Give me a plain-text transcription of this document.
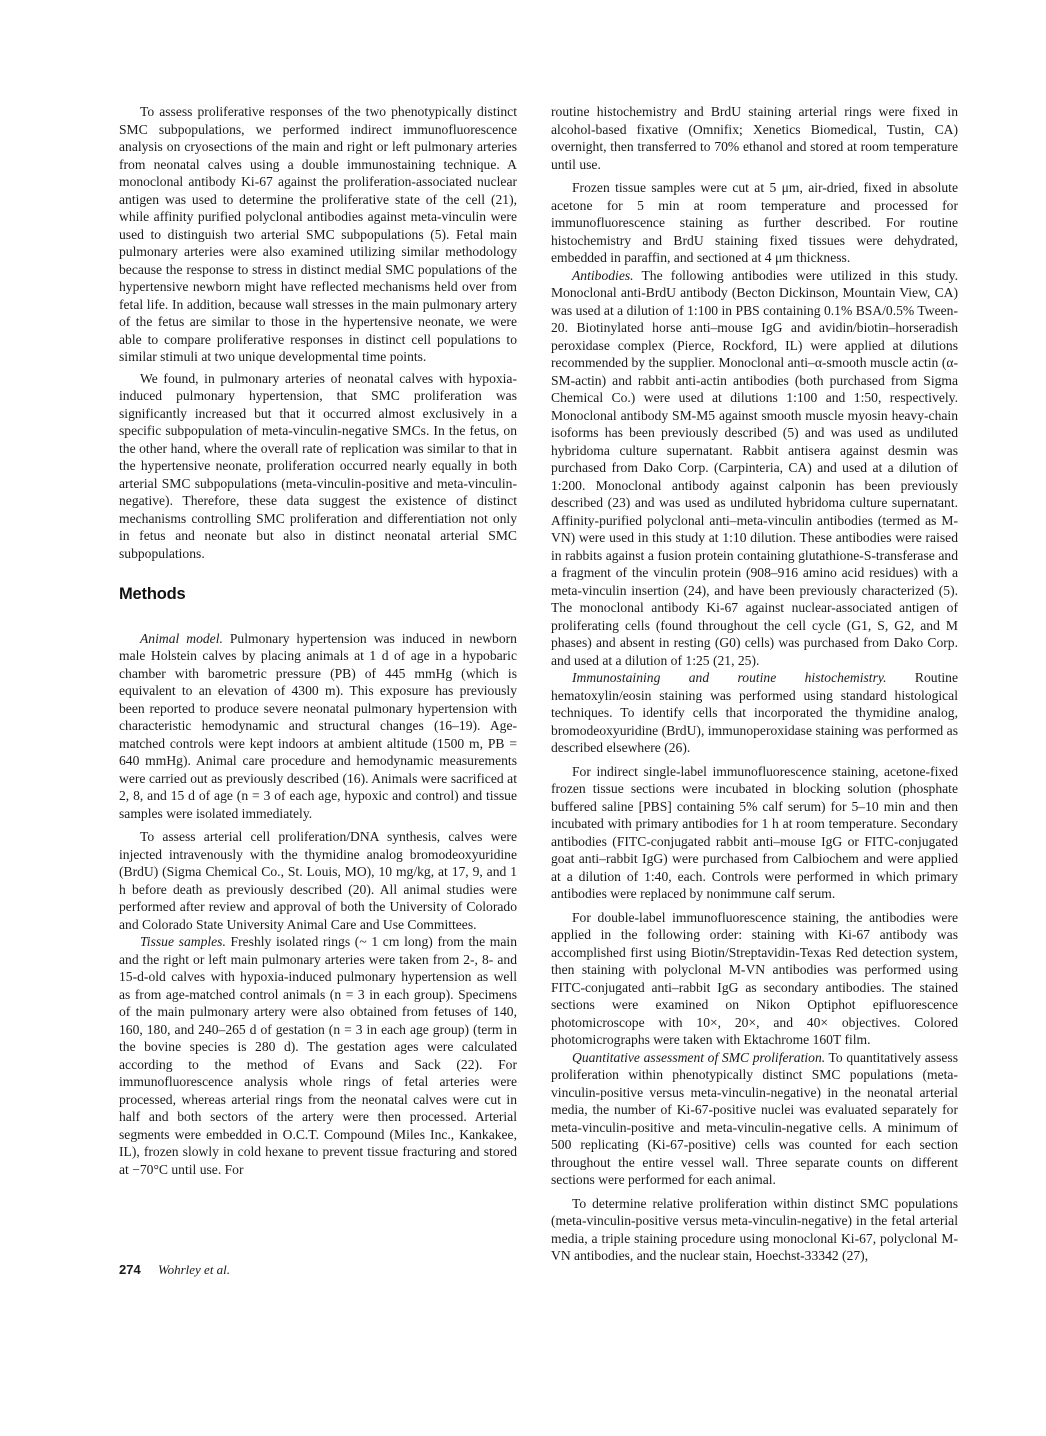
To assess proliferative responses of the two phenotypically distinct SMC subpopulations, we performed indirect immunofluorescence analysis on cryosections of the main and right or left pulmonary arteries from neonatal calves using a double immunostaining technique. A monoclonal antibody Ki-67 against the proliferation-associated nuclear antigen was used to determine the proliferative state of the cell (21), while affinity purified polyclonal antibodies against meta-vinculin were used to distinguish two arterial SMC subpopulations (5). Fetal main pulmonary arteries were also examined utilizing similar methodology because the response to stress in distinct medial SMC populations of the hypertensive newborn might have reflected mechanisms held over from fetal life. In addition, because wall stresses in the main pulmonary artery of the fetus are similar to those in the hypertensive neonate, we were able to compare proliferative responses in distinct cell populations to similar stimuli at two unique developmental time points.

We found, in pulmonary arteries of neonatal calves with hypoxia-induced pulmonary hypertension, that SMC proliferation was significantly increased but that it occurred almost exclusively in a specific subpopulation of meta-vinculin-negative SMCs. In the fetus, on the other hand, where the overall rate of replication was similar to that in the hypertensive neonate, proliferation occurred nearly equally in both arterial SMC subpopulations (meta-vinculin-positive and meta-vinculin-negative). Therefore, these data suggest the existence of distinct mechanisms controlling SMC proliferation and differentiation not only in fetus and neonate but also in distinct neonatal arterial SMC subpopulations.

Methods

Animal model. Pulmonary hypertension was induced in newborn male Holstein calves by placing animals at 1 d of age in a hypobaric chamber with barometric pressure (PB) of 445 mmHg (which is equivalent to an elevation of 4300 m). This exposure has previously been reported to produce severe neonatal pulmonary hypertension with characteristic hemodynamic and structural changes (16–19). Age-matched controls were kept indoors at ambient altitude (1500 m, PB = 640 mmHg). Animal care procedure and hemodynamic measurements were carried out as previously described (16). Animals were sacrificed at 2, 8, and 15 d of age (n = 3 of each age, hypoxic and control) and tissue samples were isolated immediately.

To assess arterial cell proliferation/DNA synthesis, calves were injected intravenously with the thymidine analog bromodeoxyuridine (BrdU) (Sigma Chemical Co., St. Louis, MO), 10 mg/kg, at 17, 9, and 1 h before death as previously described (20). All animal studies were performed after review and approval of both the University of Colorado and Colorado State University Animal Care and Use Committees.

Tissue samples. Freshly isolated rings (~ 1 cm long) from the main and the right or left main pulmonary arteries were taken from 2-, 8- and 15-d-old calves with hypoxia-induced pulmonary hypertension as well as from age-matched control animals (n = 3 in each group). Specimens of the main pulmonary artery were also obtained from fetuses of 140, 160, 180, and 240–265 d of gestation (n = 3 in each age group) (term in the bovine species is 280 d). The gestation ages were calculated according to the method of Evans and Sack (22). For immunofluorescence analysis whole rings of fetal arteries were processed, whereas arterial rings from the neonatal calves were cut in half and both sectors of the artery were then processed. Arterial segments were embedded in O.C.T. Compound (Miles Inc., Kankakee, IL), frozen slowly in cold hexane to prevent tissue fracturing and stored at −70°C until use. For

routine histochemistry and BrdU staining arterial rings were fixed in alcohol-based fixative (Omnifix; Xenetics Biomedical, Tustin, CA) overnight, then transferred to 70% ethanol and stored at room temperature until use.

Frozen tissue samples were cut at 5 μm, air-dried, fixed in absolute acetone for 5 min at room temperature and processed for immunofluorescence staining as further described. For routine histochemistry and BrdU staining fixed tissues were dehydrated, embedded in paraffin, and sectioned at 4 μm thickness.

Antibodies. The following antibodies were utilized in this study. Monoclonal anti-BrdU antibody (Becton Dickinson, Mountain View, CA) was used at a dilution of 1:100 in PBS containing 0.1% BSA/0.5% Tween-20. Biotinylated horse anti–mouse IgG and avidin/biotin–horseradish peroxidase complex (Pierce, Rockford, IL) were applied at dilutions recommended by the supplier. Monoclonal anti–α-smooth muscle actin (α-SM-actin) and rabbit anti-actin antibodies (both purchased from Sigma Chemical Co.) were used at dilutions 1:100 and 1:50, respectively. Monoclonal antibody SM-M5 against smooth muscle myosin heavy-chain isoforms has been previously described (5) and was used as undiluted hybridoma culture supernatant. Rabbit antisera against desmin was purchased from Dako Corp. (Carpinteria, CA) and used at a dilution of 1:200. Monoclonal antibody against calponin has been previously described (23) and was used as undiluted hybridoma culture supernatant. Affinity-purified polyclonal anti–meta-vinculin antibodies (termed as M-VN) were used in this study at 1:10 dilution. These antibodies were raised in rabbits against a fusion protein containing glutathione-S-transferase and a fragment of the vinculin protein (908–916 amino acid residues) with a meta-vinculin insertion (24), and have been previously characterized (5). The monoclonal antibody Ki-67 against nuclear-associated antigen of proliferating cells (found throughout the cell cycle (G1, S, G2, and M phases) and absent in resting (G0) cells) was purchased from Dako Corp. and used at a dilution of 1:25 (21, 25).

Immunostaining and routine histochemistry. Routine hematoxylin/eosin staining was performed using standard histological techniques. To identify cells that incorporated the thymidine analog, bromodeoxyuridine (BrdU), immunoperoxidase staining was performed as described elsewhere (26).

For indirect single-label immunofluorescence staining, acetone-fixed frozen tissue sections were incubated in blocking solution (phosphate buffered saline [PBS] containing 5% calf serum) for 5–10 min and then incubated with primary antibodies for 1 h at room temperature. Secondary antibodies (FITC-conjugated rabbit anti–mouse IgG or FITC-conjugated goat anti–rabbit IgG) were purchased from Calbiochem and were applied at a dilution of 1:40, each. Controls were performed in which primary antibodies were replaced by nonimmune calf serum.

For double-label immunofluorescence staining, the antibodies were applied in the following order: staining with Ki-67 antibody was accomplished first using Biotin/Streptavidin-Texas Red detection system, then staining with polyclonal M-VN antibodies was performed using FITC-conjugated anti–rabbit IgG as secondary antibodies. The stained sections were examined on Nikon Optiphot epifluorescence photomicroscope with 10×, 20×, and 40× objectives. Colored photomicrographs were taken with Ektachrome 160T film.

Quantitative assessment of SMC proliferation. To quantitatively assess proliferation within phenotypically distinct SMC populations (meta-vinculin-positive versus meta-vinculin-negative) in the neonatal arterial media, the number of Ki-67-positive nuclei was evaluated separately for meta-vinculin-positive and meta-vinculin-negative cells. A minimum of 500 replicating (Ki-67-positive) cells was counted for each section throughout the entire vessel wall. Three separate counts on different sections were performed for each animal.

To determine relative proliferation within distinct SMC populations (meta-vinculin-positive versus meta-vinculin-negative) in the fetal arterial media, a triple staining procedure using monoclonal Ki-67, polyclonal M-VN antibodies, and the nuclear stain, Hoechst-33342 (27),

274 Wohrley et al.
